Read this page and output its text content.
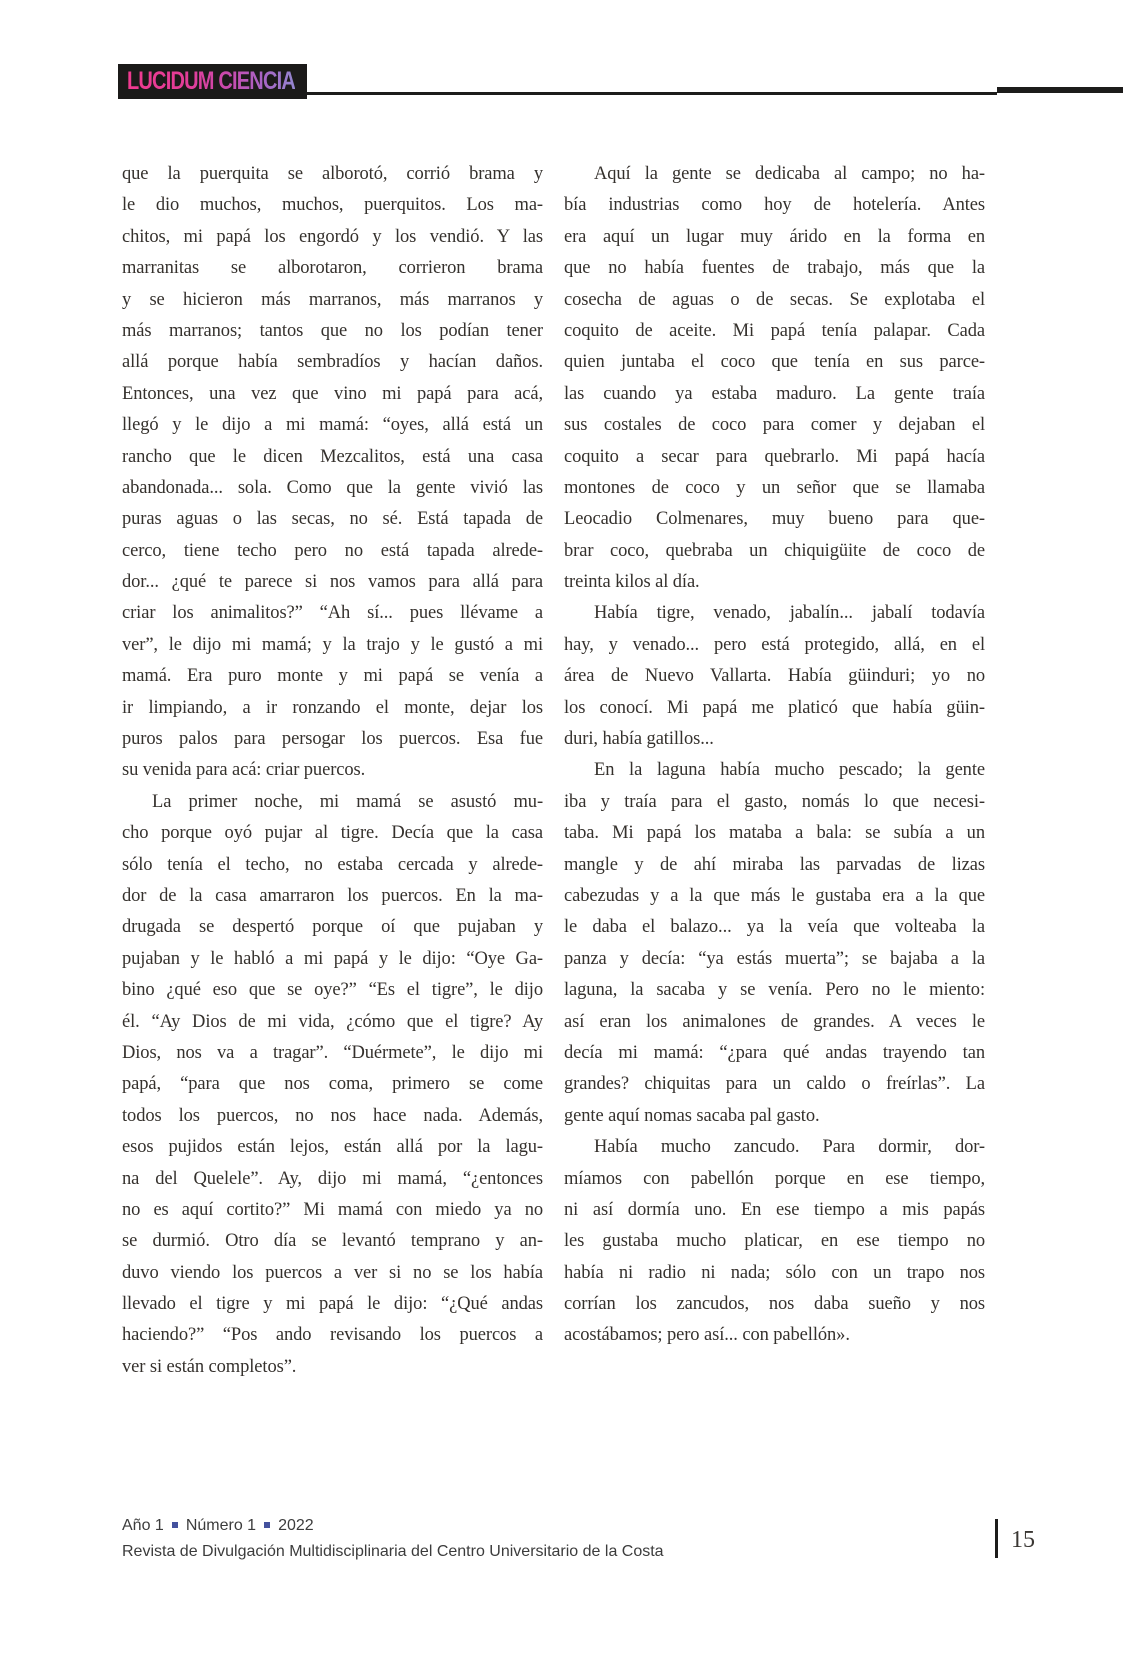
LUCIDUM CIENCIA
que la puerquita se alborotó, corrió brama y
le dio muchos, muchos, puerquitos. Los ma-
chitos, mi papá los engordó y los vendió. Y las
marranitas se alborotaron, corrieron brama
y se hicieron más marranos, más marranos y
más marranos; tantos que no los podían tener
allá porque había sembradíos y hacían daños.
Entonces, una vez que vino mi papá para acá,
llegó y le dijo a mi mamá: “oyes, allá está un
rancho que le dicen Mezcalitos, está una casa
abandonada... sola. Como que la gente vivió las
puras aguas o las secas, no sé. Está tapada de
cerco, tiene techo pero no está tapada alrede-
dor... ¿qué te parece si nos vamos para allá para
criar los animalitos?” “Ah sí... pues llévame a
ver”, le dijo mi mamá; y la trajo y le gustó a mi
mamá. Era puro monte y mi papá se venía a
ir limpiando, a ir ronzando el monte, dejar los
puros palos para persogar los puercos. Esa fue
su venida para acá: criar puercos.
La primer noche, mi mamá se asustó mu-
cho porque oyó pujar al tigre. Decía que la casa
sólo tenía el techo, no estaba cercada y alrede-
dor de la casa amarraron los puercos. En la ma-
drugada se despertó porque oí que pujaban y
pujaban y le habló a mi papá y le dijo: “Oye Ga-
bino ¿qué eso que se oye?” “Es el tigre”, le dijo
él. “Ay Dios de mi vida, ¿cómo que el tigre? Ay
Dios, nos va a tragar”. “Duérmete”, le dijo mi
papá, “para que nos coma, primero se come
todos los puercos, no nos hace nada. Además,
esos pujidos están lejos, están allá por la lagu-
na del Quelele”. Ay, dijo mi mamá, “¿entonces
no es aquí cortito?” Mi mamá con miedo ya no
se durmió. Otro día se levantó temprano y an-
duvo viendo los puercos a ver si no se los había
llevado el tigre y mi papá le dijo: “¿Qué andas
haciendo?” “Pos ando revisando los puercos a
ver si están completos”.
Aquí la gente se dedicaba al campo; no ha-
bía industrias como hoy de hotelería. Antes
era aquí un lugar muy árido en la forma en
que no había fuentes de trabajo, más que la
cosecha de aguas o de secas. Se explotaba el
coquito de aceite. Mi papá tenía palapar. Cada
quien juntaba el coco que tenía en sus parce-
las cuando ya estaba maduro. La gente traía
sus costales de coco para comer y dejaban el
coquito a secar para quebrarlo. Mi papá hacía
montones de coco y un señor que se llamaba
Leocadio Colmenares, muy bueno para que-
brar coco, quebraba un chiquigüite de coco de
treinta kilos al día.
Había tigre, venado, jabalín... jabalí todavía
hay, y venado... pero está protegido, allá, en el
área de Nuevo Vallarta. Había güinduri; yo no
los conocí. Mi papá me platicó que había güin-
duri, había gatillos...
En la laguna había mucho pescado; la gente
iba y traía para el gasto, nomás lo que necesi-
taba. Mi papá los mataba a bala: se subía a un
mangle y de ahí miraba las parvadas de lizas
cabezudas y a la que más le gustaba era a la que
le daba el balazo... ya la veía que volteaba la
panza y decía: “ya estás muerta”; se bajaba a la
laguna, la sacaba y se venía. Pero no le miento:
así eran los animalones de grandes. A veces le
decía mi mamá: “¿para qué andas trayendo tan
grandes? chiquitas para un caldo o freírlas”. La
gente aquí nomas sacaba pal gasto.
Había mucho zancudo. Para dormir, dor-
míamos con pabellón porque en ese tiempo,
ni así dormía uno. En ese tiempo a mis papás
les gustaba mucho platicar, en ese tiempo no
había ni radio ni nada; sólo con un trapo nos
corrían los zancudos, nos daba sueño y nos
acostábamos; pero así... con pabellón».
Año 1 Número 1 2022
Revista de Divulgación Multidisciplinaria del Centro Universitario de la Costa	15
